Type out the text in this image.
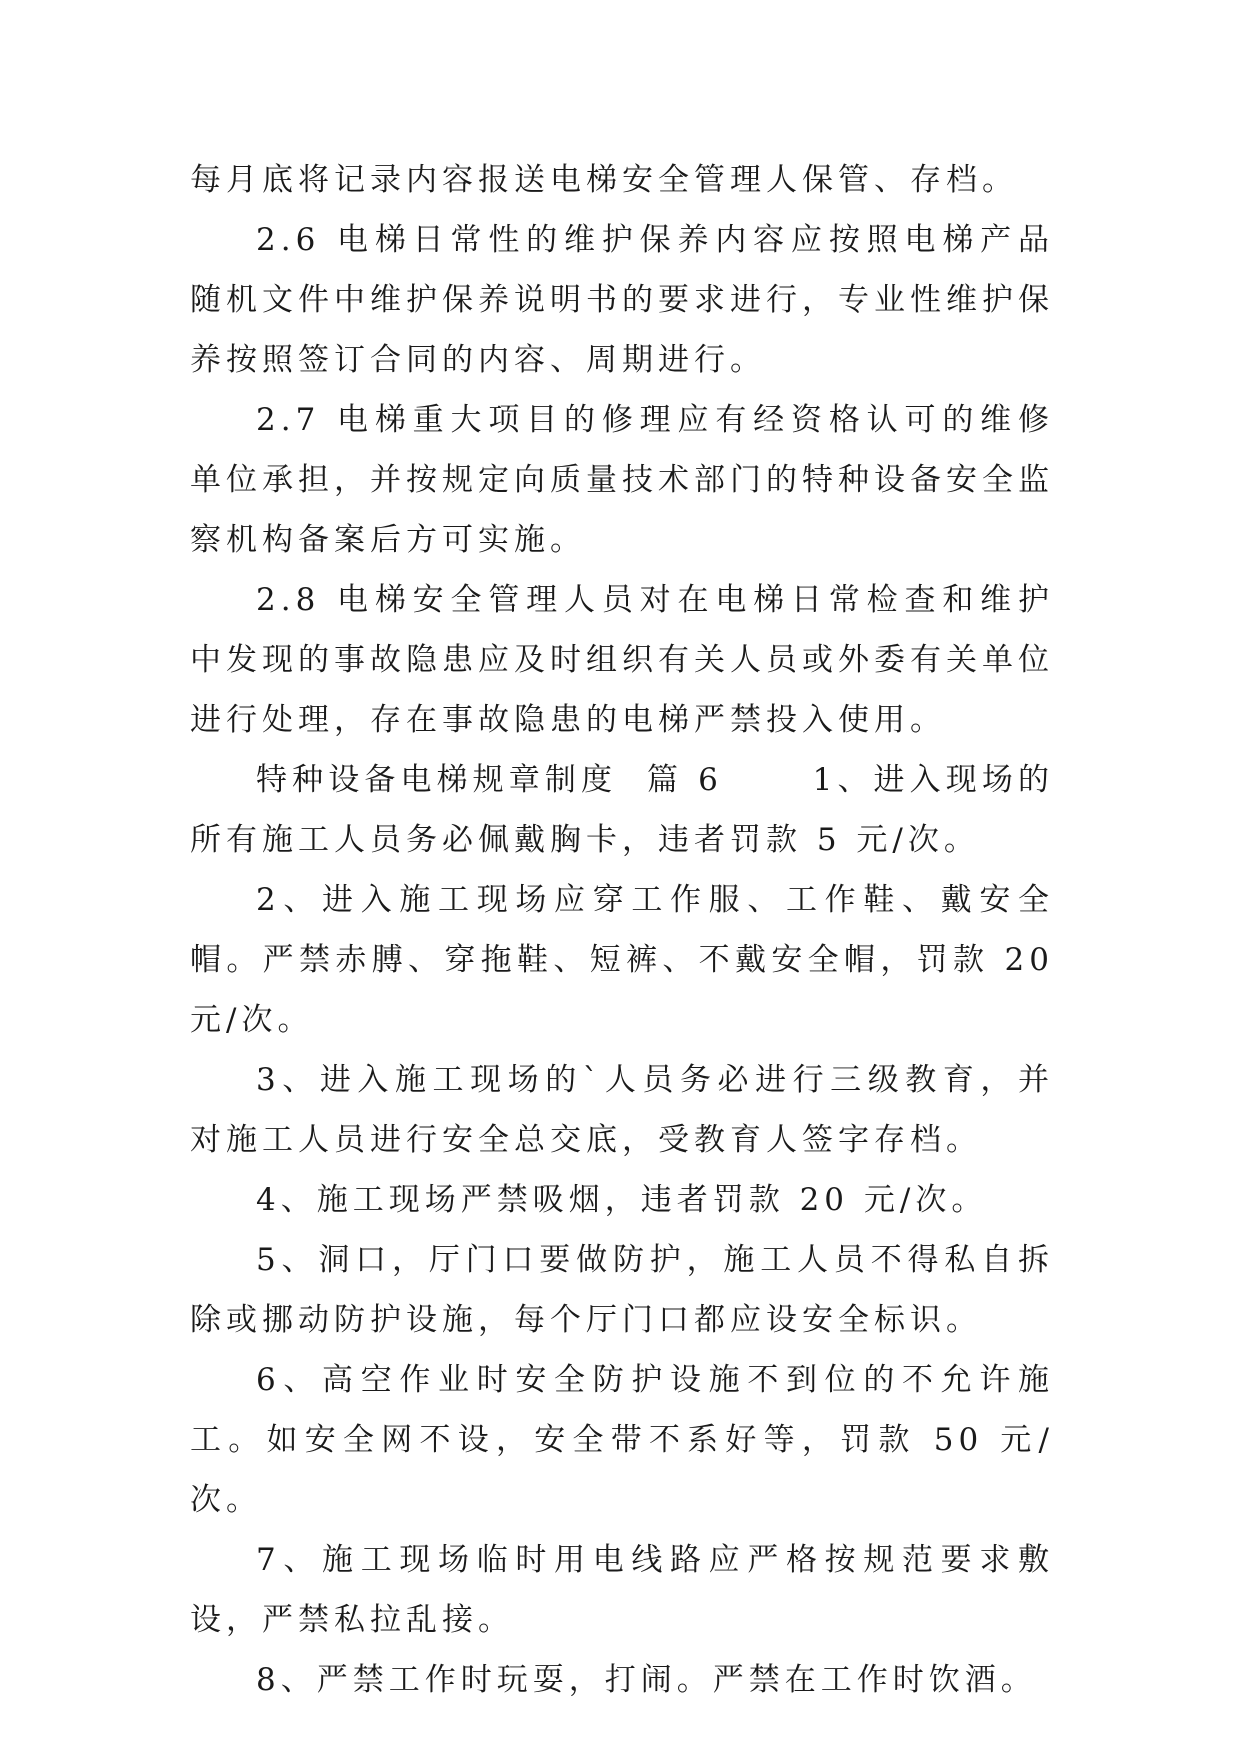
每月底将记录内容报送电梯安全管理人保管、存档。

2.6 电梯日常性的维护保养内容应按照电梯产品随机文件中维护保养说明书的要求进行，专业性维护保养按照签订合同的内容、周期进行。

2.7 电梯重大项目的修理应有经资格认可的维修单位承担，并按规定向质量技术部门的特种设备安全监察机构备案后方可实施。

2.8 电梯安全管理人员对在电梯日常检查和维护中发现的事故隐患应及时组织有关人员或外委有关单位进行处理，存在事故隐患的电梯严禁投入使用。

特种设备电梯规章制度  篇 6      1、进入现场的所有施工人员务必佩戴胸卡，违者罚款 5 元/次。

2、进入施工现场应穿工作服、工作鞋、戴安全帽。严禁赤膊、穿拖鞋、短裤、不戴安全帽，罚款 20 元/次。

3、进入施工现场的`人员务必进行三级教育，并对施工人员进行安全总交底，受教育人签字存档。

4、施工现场严禁吸烟，违者罚款 20 元/次。

5、洞口，厅门口要做防护，施工人员不得私自拆除或挪动防护设施，每个厅门口都应设安全标识。

6、高空作业时安全防护设施不到位的不允许施工。如安全网不设，安全带不系好等，罚款 50 元/次。

7、施工现场临时用电线路应严格按规范要求敷设，严禁私拉乱接。

8、严禁工作时玩耍，打闹。严禁在工作时饮酒。
